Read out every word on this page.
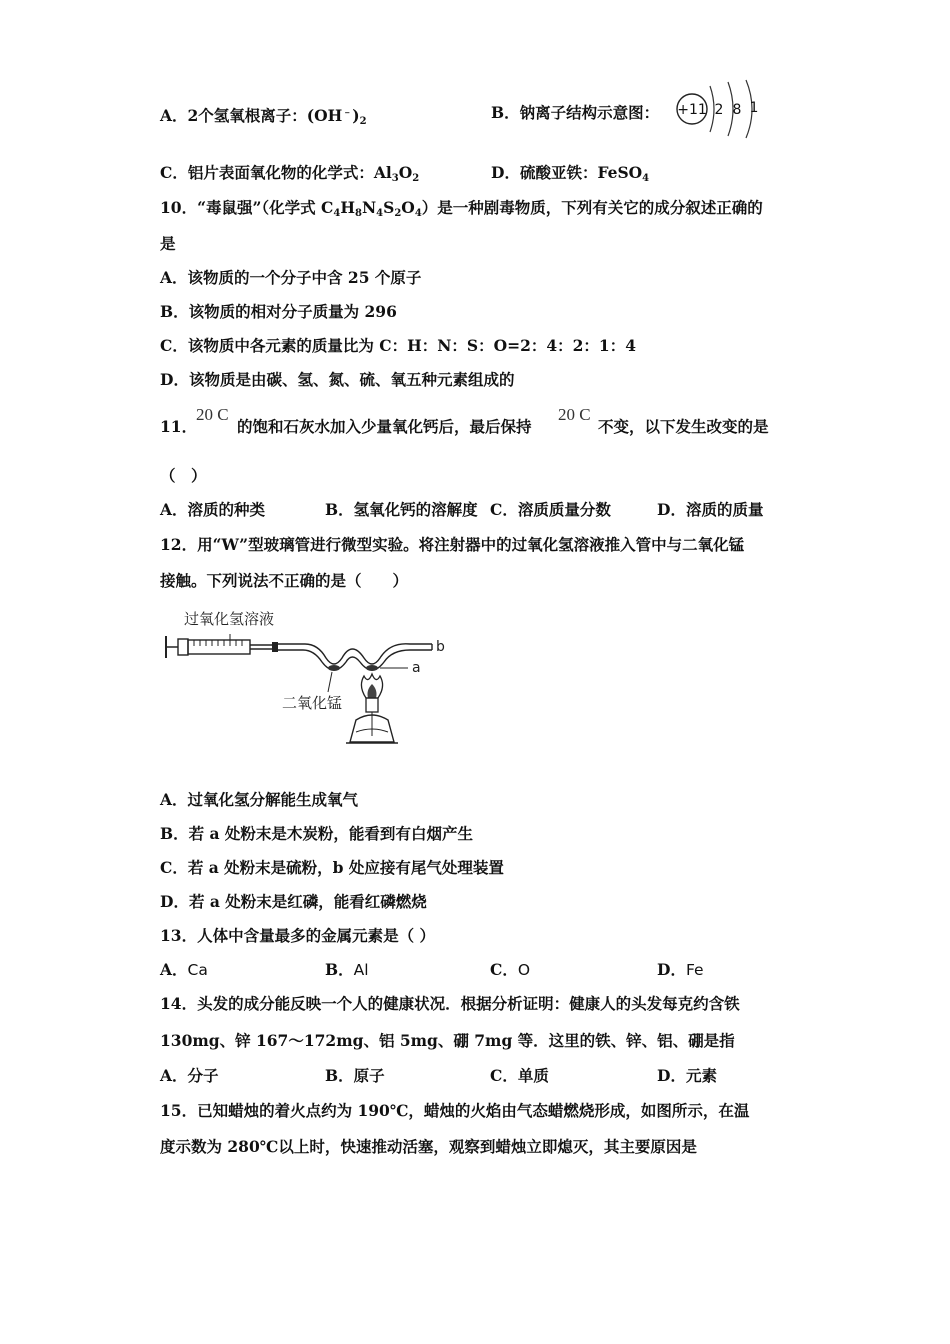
A．2个氢氧根离子：$(OH^﹣)_2$	B．钠离子结构示意图： +11 2 8 1
C．铝片表面氧化物的化学式：$Al_3O_2$	D．硫酸亚铁：FeSO$_4$
10．“毒鼠强”（化学式 $C_4H_8N_4S_2O_4$）是一种剧毒物质，下列有关它的成分叙述正确的
是
A．该物质的一个分子中含 25 个原子
B．该物质的相对分子质量为 296
C．该物质中各元素的质量比为 C：H：N：S：O=2：4：2：1：4
D．该物质是由碳、氢、氮、硫、氧五种元素组成的
11．
20 C
的饱和石灰水加入少量氧化钙后，最后保持
20 C
不变，以下发生改变的是
（　）
A．溶质的种类	B．氢氧化钙的溶解度 C．溶质质量分数	D．溶质的质量
12．用“W”型玻璃管进行微型实验。将注射器中的过氧化氢溶液推入管中与二氧化锰
接触。下列说法不正确的是（　　）
过氧化氢溶液
b
二氧化锰
a
A．过氧化氢分解能生成氧气
B．若 a 处粉末是木炭粉，能看到有白烟产生
C．若 a 处粉末是硫粉，b 处应接有尾气处理装置
D．若 a 处粉末是红磷，能看红磷燃烧
13．人体中含量最多的金属元素是（ ）
A．Ca	B．Al	C．O	D．Fe
14．头发的成分能反映一个人的健康状况．根据分析证明：健康人的头发每克约含铁
130mg、锌 167～172mg、铝 5mg、硼 7mg 等．这里的铁、锌、铝、硼是指
A．分子	B．原子	C．单质	D．元素
15．已知蜡烛的着火点约为 190℃，蜡烛的火焰由气态蜡燃烧形成，如图所示，在温
度示数为 280℃以上时，快速推动活塞，观察到蜡烛立即熄灭，其主要原因是
